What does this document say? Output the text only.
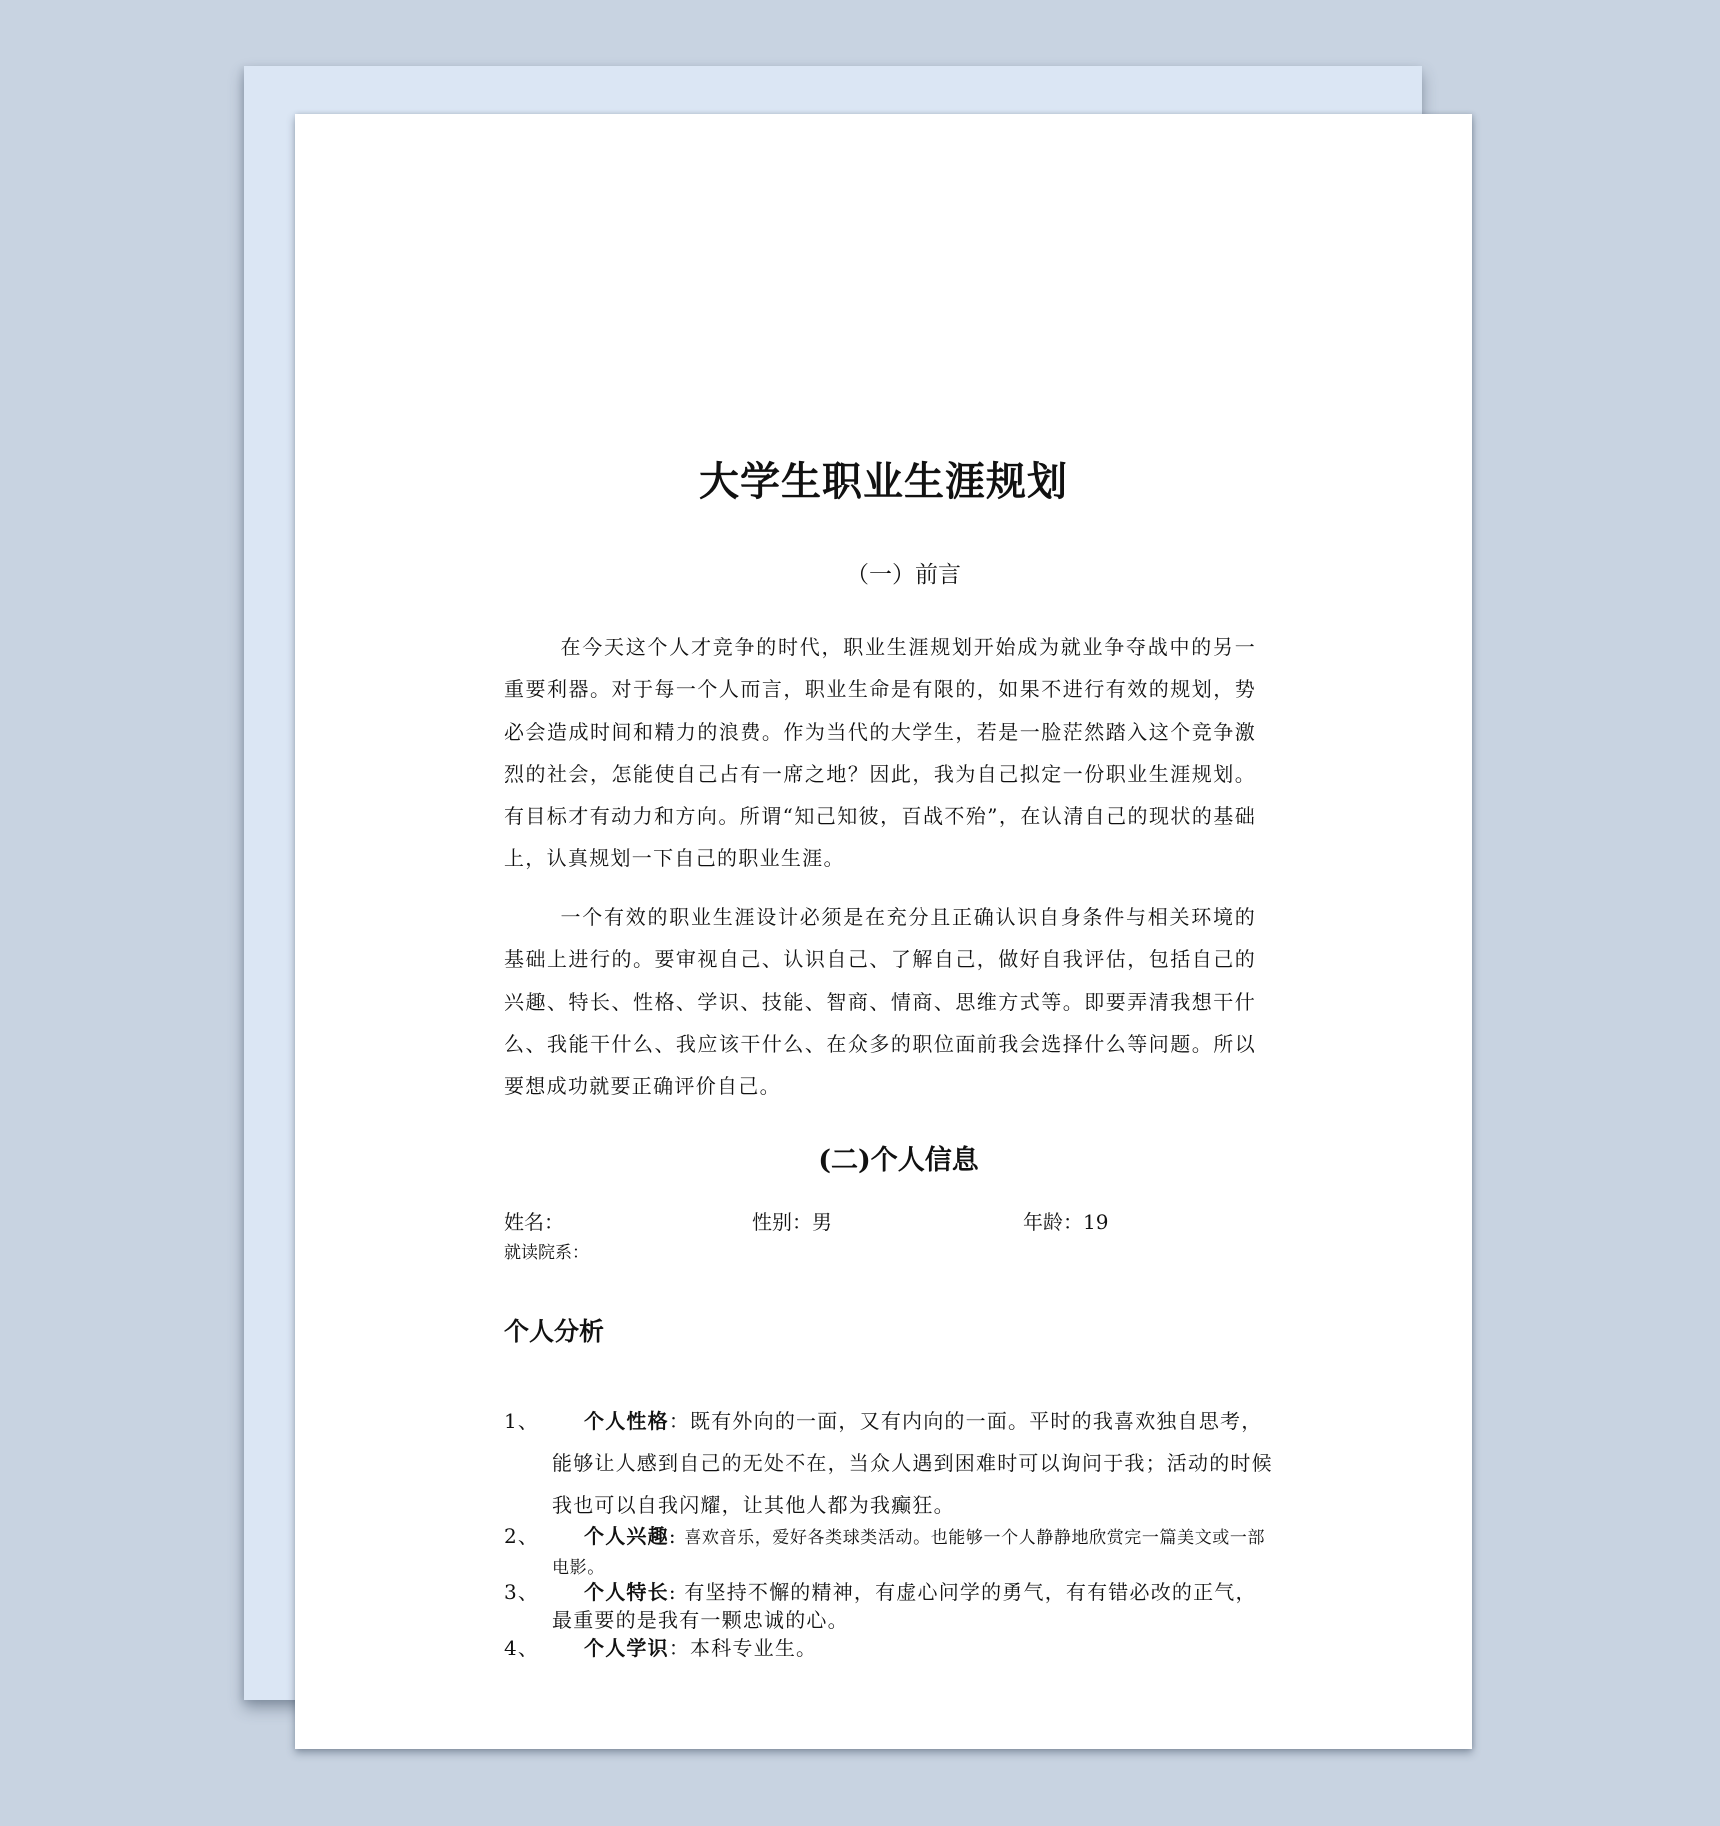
大学生职业生涯规划
（一）前言
在今天这个人才竞争的时代，职业生涯规划开始成为就业争夺战中的另一重要利器。对于每一个人而言，职业生命是有限的，如果不进行有效的规划，势必会造成时间和精力的浪费。作为当代的大学生，若是一脸茫然踏入这个竞争激烈的社会，怎能使自己占有一席之地？因此，我为自己拟定一份职业生涯规划。有目标才有动力和方向。所谓“知己知彼，百战不殆”，在认清自己的现状的基础上，认真规划一下自己的职业生涯。
一个有效的职业生涯设计必须是在充分且正确认识自身条件与相关环境的基础上进行的。要审视自己、认识自己、了解自己，做好自我评估，包括自己的兴趣、特长、性格、学识、技能、智商、情商、思维方式等。即要弄清我想干什么、我能干什么、我应该干什么、在众多的职位面前我会选择什么等问题。所以要想成功就要正确评价自己。
(二)个人信息
姓名：	性别：男	年龄：19
就读院系：
个人分析
1、	个人性格：既有外向的一面，又有内向的一面。平时的我喜欢独自思考，能够让人感到自己的无处不在，当众人遇到困难时可以询问于我；活动的时候我也可以自我闪耀，让其他人都为我癫狂。
2、	个人兴趣: 喜欢音乐，爱好各类球类活动。也能够一个人静静地欣赏完一篇美文或一部电影。
3、	个人特长: 有坚持不懈的精神，有虚心问学的勇气，有有错必改的正气，最重要的是我有一颗忠诚的心。
4、	个人学识：本科专业生。
